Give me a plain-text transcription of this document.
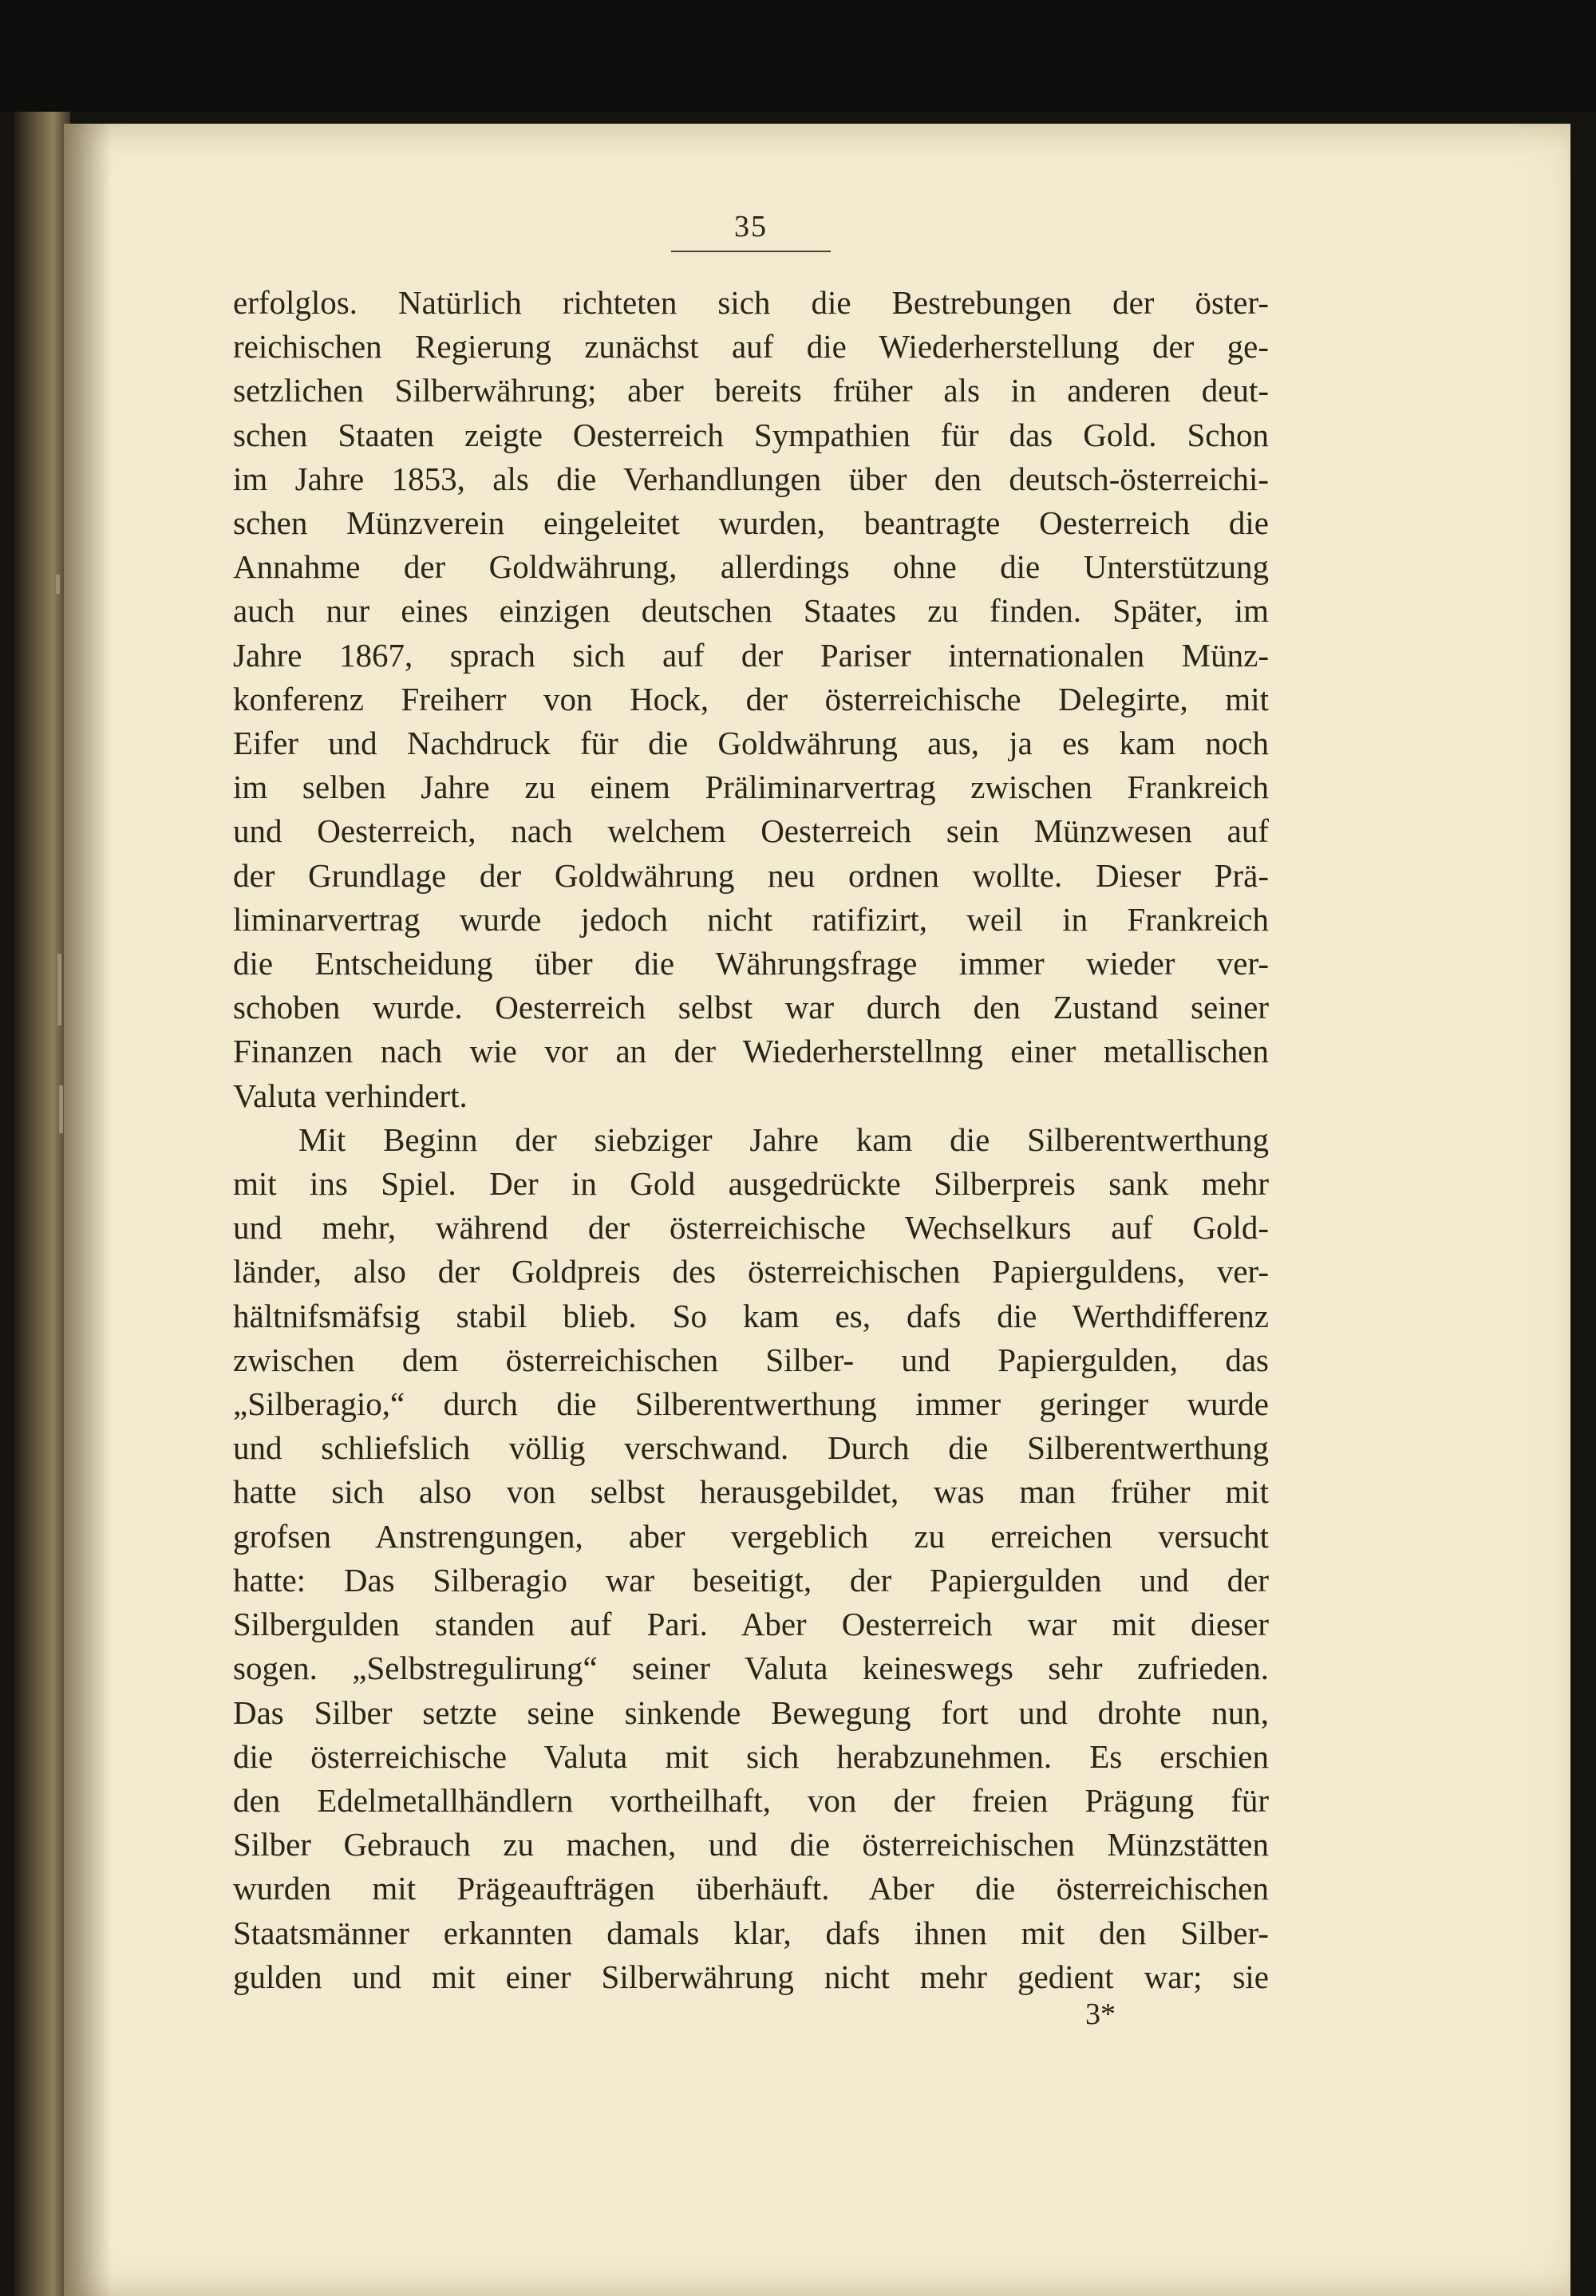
35

erfolglos. Natürlich richteten sich die Bestrebungen der öster-
reichischen Regierung zunächst auf die Wiederherstellung der ge-
setzlichen Silberwährung; aber bereits früher als in anderen deut-
schen Staaten zeigte Oesterreich Sympathien für das Gold. Schon
im Jahre 1853, als die Verhandlungen über den deutsch-österreichi-
schen Münzverein eingeleitet wurden, beantragte Oesterreich die
Annahme der Goldwährung, allerdings ohne die Unterstützung
auch nur eines einzigen deutschen Staates zu finden. Später, im
Jahre 1867, sprach sich auf der Pariser internationalen Münz-
konferenz Freiherr von Hock, der österreichische Delegirte, mit
Eifer und Nachdruck für die Goldwährung aus, ja es kam noch
im selben Jahre zu einem Präliminarvertrag zwischen Frankreich
und Oesterreich, nach welchem Oesterreich sein Münzwesen auf
der Grundlage der Goldwährung neu ordnen wollte. Dieser Prä-
liminarvertrag wurde jedoch nicht ratifizirt, weil in Frankreich
die Entscheidung über die Währungsfrage immer wieder ver-
schoben wurde. Oesterreich selbst war durch den Zustand seiner
Finanzen nach wie vor an der Wiederherstellnng einer metallischen
Valuta verhindert.

Mit Beginn der siebziger Jahre kam die Silberentwerthung
mit ins Spiel. Der in Gold ausgedrückte Silberpreis sank mehr
und mehr, während der österreichische Wechselkurs auf Gold-
länder, also der Goldpreis des österreichischen Papierguldens, ver-
hältnifsmäfsig stabil blieb. So kam es, dafs die Werthdifferenz
zwischen dem österreichischen Silber- und Papiergulden, das
„Silberagio,“ durch die Silberentwerthung immer geringer wurde
und schliefslich völlig verschwand. Durch die Silberentwerthung
hatte sich also von selbst herausgebildet, was man früher mit
grofsen Anstrengungen, aber vergeblich zu erreichen versucht
hatte: Das Silberagio war beseitigt, der Papiergulden und der
Silbergulden standen auf Pari. Aber Oesterreich war mit dieser
sogen. „Selbstregulirung“ seiner Valuta keineswegs sehr zufrieden.
Das Silber setzte seine sinkende Bewegung fort und drohte nun,
die österreichische Valuta mit sich herabzunehmen. Es erschien
den Edelmetallhändlern vortheilhaft, von der freien Prägung für
Silber Gebrauch zu machen, und die österreichischen Münzstätten
wurden mit Prägeaufträgen überhäuft. Aber die österreichischen
Staatsmänner erkannten damals klar, dafs ihnen mit den Silber-
gulden und mit einer Silberwährung nicht mehr gedient war; sie

3*
